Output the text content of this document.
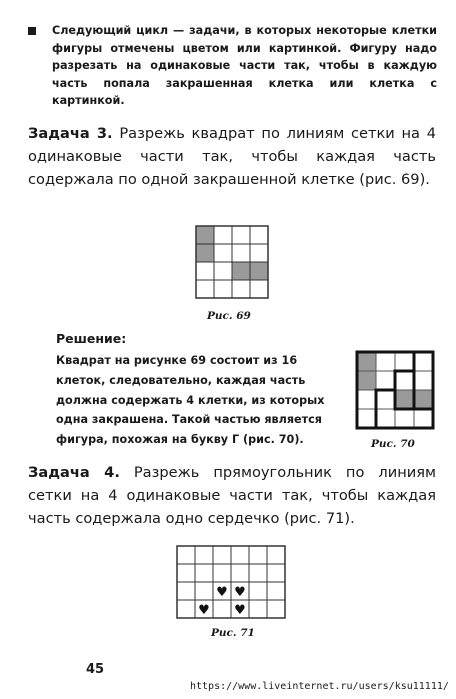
Следующий цикл — задачи, в которых некоторые клетки фигуры отмечены цветом или картинкой. Фигуру надо разрезать на одинаковые части так, чтобы в каждую часть попала закрашенная клетка или клетка с картинкой.
Задача 3. Разрежь квадрат по линиям сетки на 4 одинаковые части так, чтобы каждая часть содержала по одной закрашенной клетке (рис. 69).
Рис. 69
Решение:
Квадрат на рисунке 69 состоит из 16 клеток, следовательно, каждая часть должна содержать 4 клетки, из которых одна закрашена. Такой частью является фигура, похожая на букву Г (рис. 70).	Рис. 70
Задача 4. Разрежь прямоугольник по линиям сетки на 4 одинаковые части так, чтобы каждая часть содержала одно сердечко (рис. 71).
♥ ♥
♥ ♥
Рис. 71
45
https://www.liveinternet.ru/users/ksu11111/
